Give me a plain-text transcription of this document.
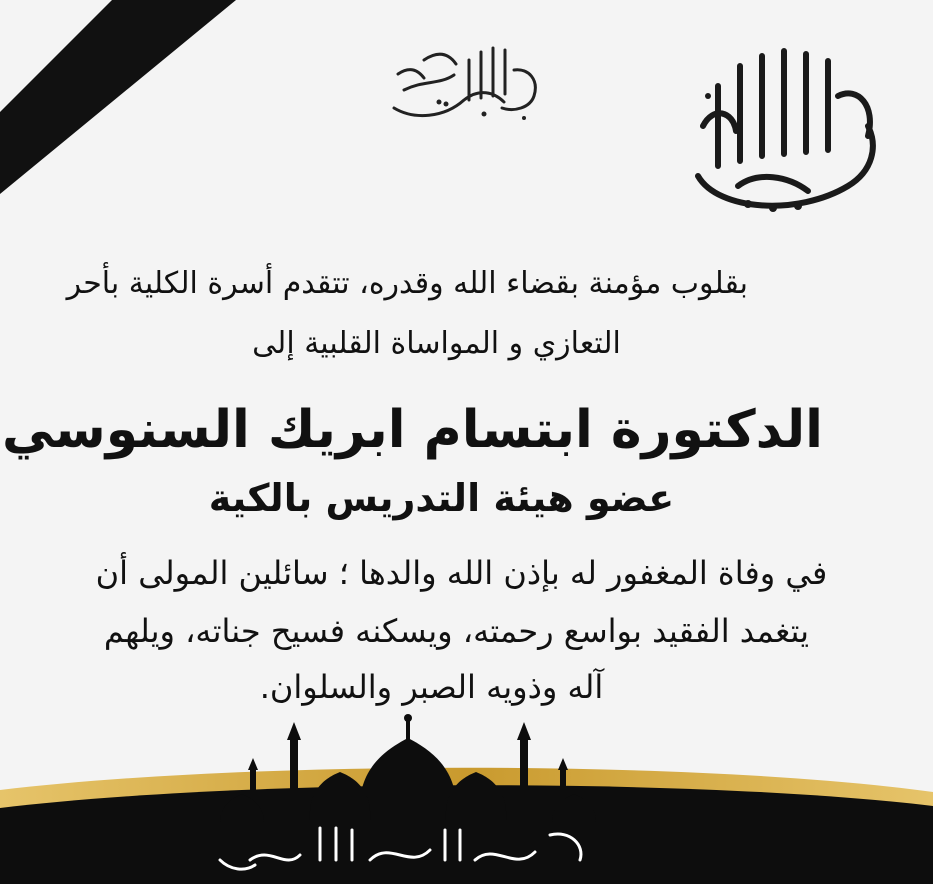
بقلوب مؤمنة بقضاء الله وقدره، تتقدم أسرة الكلية بأحر
التعازي و المواساة القلبية إلى
الدكتورة ابتسام ابريك السنوسي
عضو هيئة التدريس بالكية
في وفاة المغفور له بإذن الله والدها ؛ سائلين المولى أن
يتغمد الفقيد بواسع رحمته، ويسكنه فسيح جناته، ويلهم
آله وذويه الصبر والسلوان.
